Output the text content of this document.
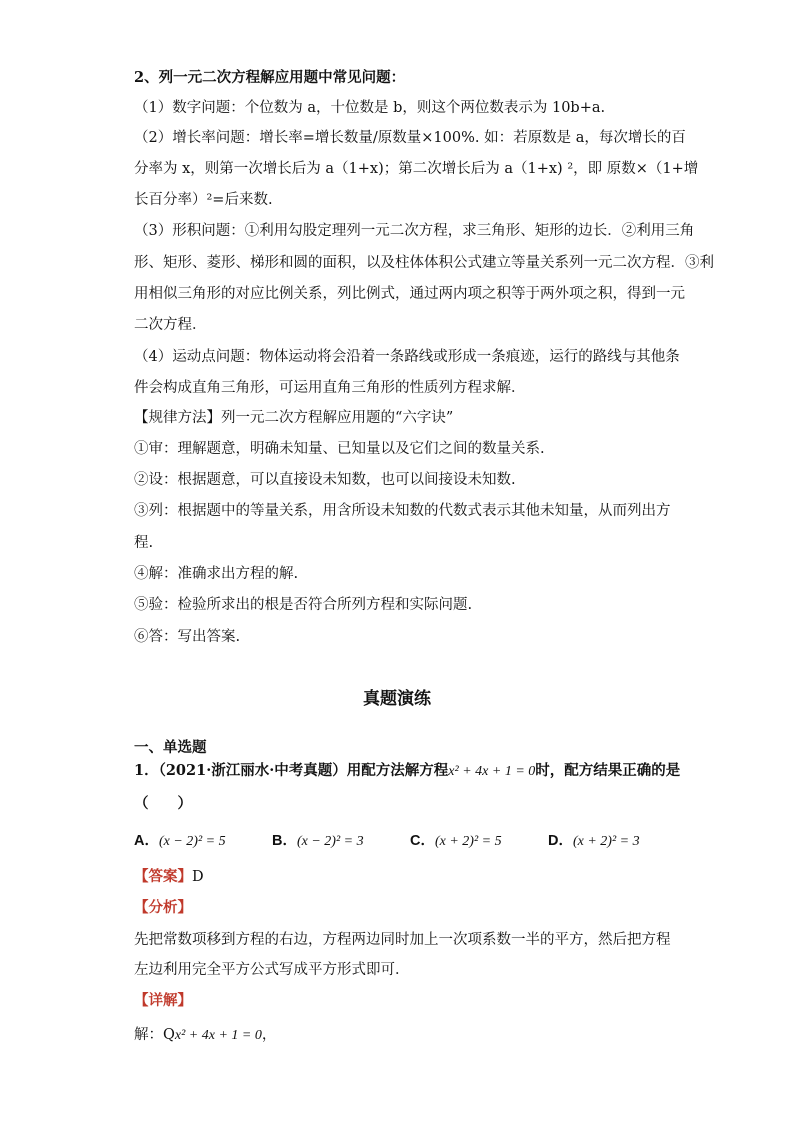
2、列一元二次方程解应用题中常见问题：
（1）数字问题：个位数为 a，十位数是 b，则这个两位数表示为 10b+a.
（2）增长率问题：增长率=增长数量/原数量×100%. 如：若原数是 a，每次增长的百
分率为 x，则第一次增长后为 a（1+x)；第二次增长后为 a（1+x) ²，即 原数×（1+增
长百分率）²=后来数.
（3）形积问题：①利用勾股定理列一元二次方程，求三角形、矩形的边长．②利用三角
形、矩形、菱形、梯形和圆的面积，以及柱体体积公式建立等量关系列一元二次方程．③利
用相似三角形的对应比例关系，列比例式，通过两内项之积等于两外项之积，得到一元
二次方程．
（4）运动点问题：物体运动将会沿着一条路线或形成一条痕迹，运行的路线与其他条
件会构成直角三角形，可运用直角三角形的性质列方程求解．
【规律方法】列一元二次方程解应用题的“六字诀”
①审：理解题意，明确未知量、已知量以及它们之间的数量关系.
②设：根据题意，可以直接设未知数，也可以间接设未知数.
③列：根据题中的等量关系，用含所设未知数的代数式表示其他未知量，从而列出方
程.
④解：准确求出方程的解.
⑤验：检验所求出的根是否符合所列方程和实际问题.
⑥答：写出答案.
真题演练
一、单选题
1．（2021·浙江丽水·中考真题）用配方法解方程x² + 4x + 1 = 0时，配方结果正确的是
（　　）
A．(x − 2)² = 5	B．(x − 2)² = 3	C．(x + 2)² = 5	D．(x + 2)² = 3
【答案】D
【分析】
先把常数项移到方程的右边，方程两边同时加上一次项系数一半的平方，然后把方程
左边利用完全平方公式写成平方形式即可．
【详解】
解：Qx² + 4x + 1 = 0，
